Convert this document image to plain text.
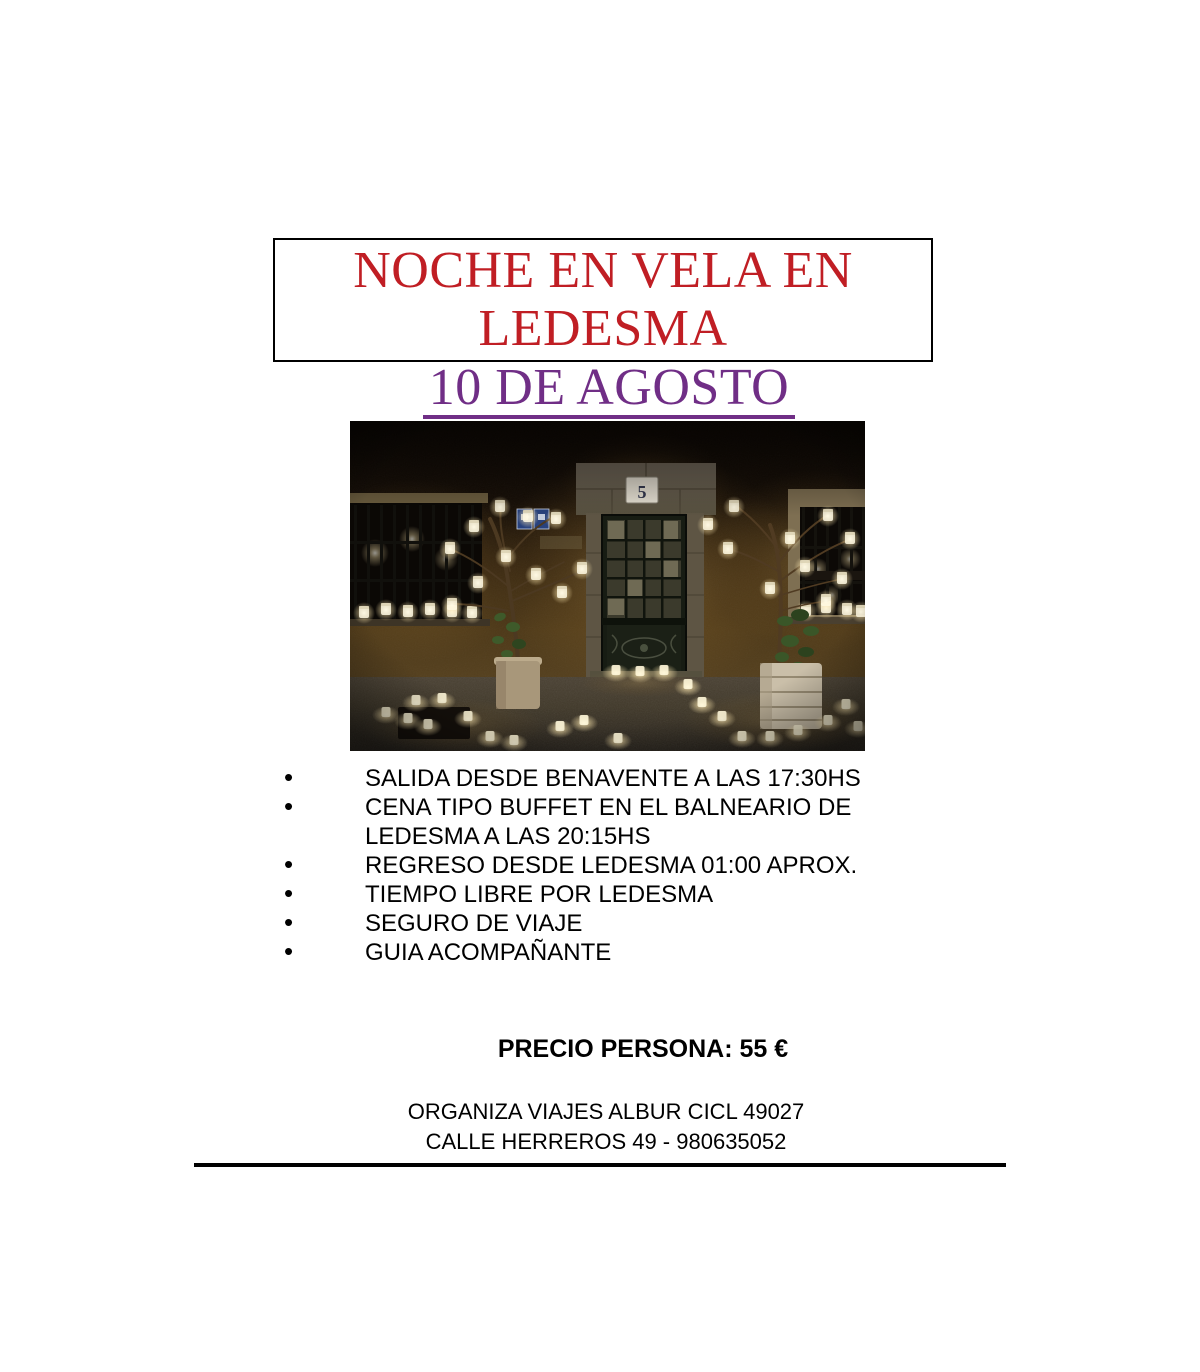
NOCHE EN VELA EN LEDESMA
10 DE AGOSTO
• SALIDA DESDE BENAVENTE A LAS 17:30HS
• CENA TIPO BUFFET EN EL BALNEARIO DE LEDESMA A LAS 20:15HS
• REGRESO DESDE LEDESMA 01:00 APROX.
• TIEMPO LIBRE POR LEDESMA
• SEGURO DE VIAJE
• GUIA ACOMPAÑANTE
PRECIO PERSONA: 55 €
ORGANIZA VIAJES ALBUR CICL 49027
CALLE HERREROS 49 - 980635052
